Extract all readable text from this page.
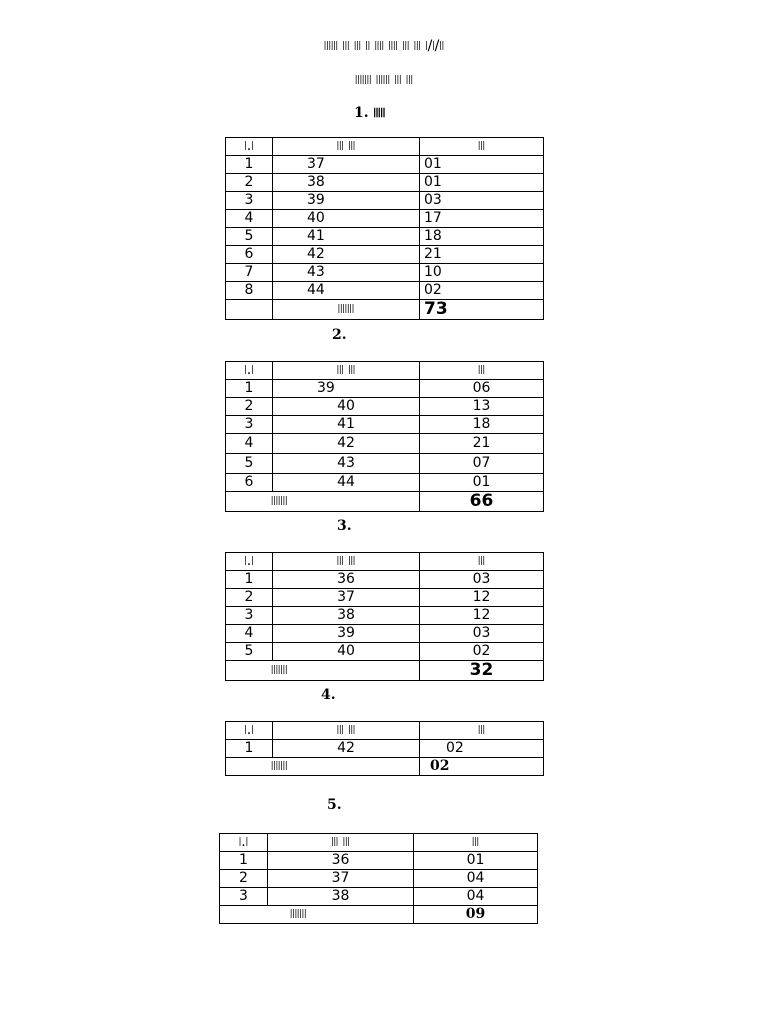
৷৷৷৷৷৷ ৷৷৷ ৷৷৷ ৷৷ ৷৷৷৷ ৷৷৷৷ ৷৷৷ ৷৷৷ ৷/৷/৷৷
৷৷৷৷৷৷৷ ৷৷৷৷৷৷ ৷৷৷ ৷৷৷
1. ৷৷৷৷৷
৷.৷	৷৷৷ ৷৷৷	৷৷৷
1	37	01
2	38	01
3	39	03
4	40	17
5	41	18
6	42	21
7	43	10
8	44	02
	৷৷৷৷৷৷৷	73
2.
৷.৷	৷৷৷ ৷৷৷	৷৷৷
1	39	06
2	40	13
3	41	18
4	42	21
5	43	07
6	44	01
৷৷৷৷৷৷৷		66
3.
৷.৷	৷৷৷ ৷৷৷	৷৷৷
1	36	03
2	37	12
3	38	12
4	39	03
5	40	02
৷৷৷৷৷৷৷		32
4.
৷.৷	৷৷৷ ৷৷৷	৷৷৷
1	42	02
৷৷৷৷৷৷৷		02
5.
৷.৷	৷৷৷ ৷৷৷	৷৷৷
1	36	01
2	37	04
3	38	04
৷৷৷৷৷৷৷		09
